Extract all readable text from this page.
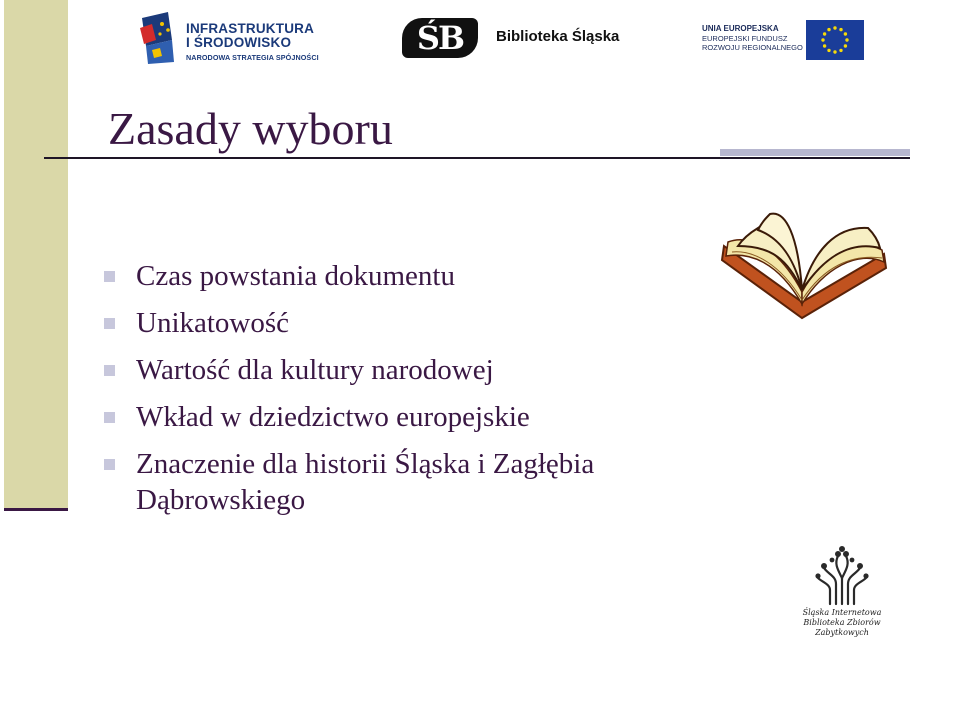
INFRASTRUKTURA
I ŚRODOWISKO
NARODOWA STRATEGIA SPÓJNOŚCI
ŚB	Biblioteka Śląska	UNIA EUROPEJSKA
EUROPEJSKI FUNDUSZ
ROZWOJU REGIONALNEGO
Zasady wyboru
Czas powstania dokumentu
Unikatowość
Wartość dla kultury narodowej
Wkład w dziedzictwo europejskie
Znaczenie dla historii Śląska i Zagłębia Dąbrowskiego
Śląska Internetowa
Biblioteka Zbiorów
Zabytkowych
